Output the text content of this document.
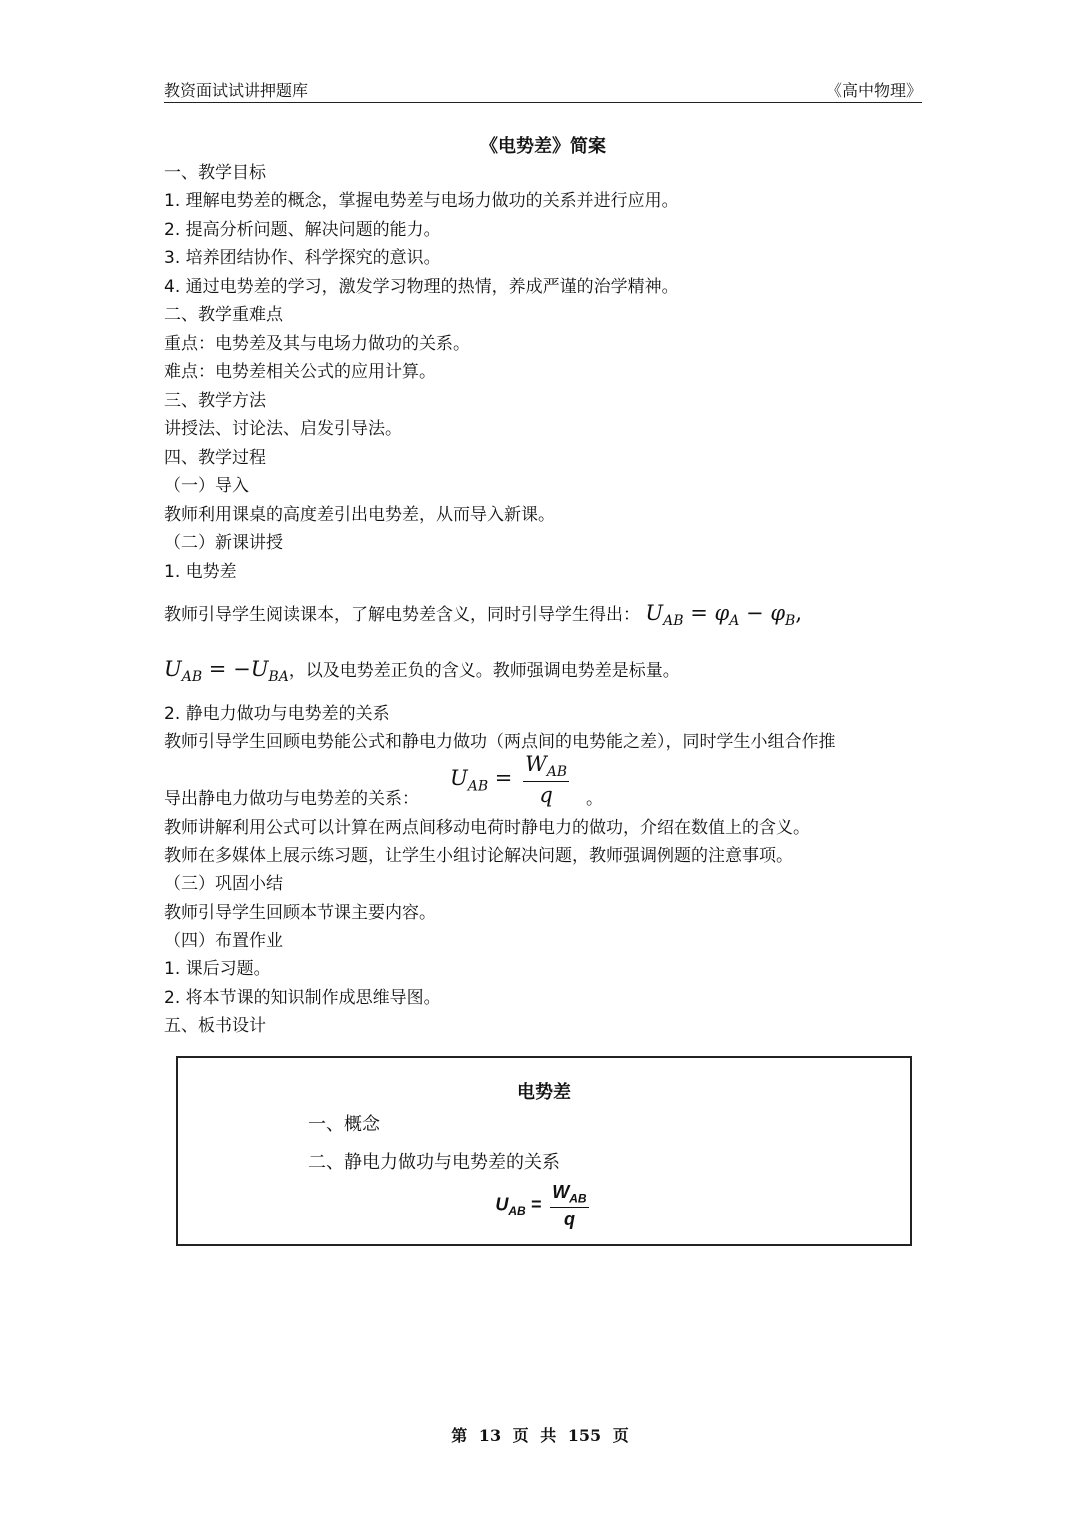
教资面试试讲押题库	《高中物理》
《电势差》简案
一、教学目标
1. 理解电势差的概念，掌握电势差与电场力做功的关系并进行应用。
2. 提高分析问题、解决问题的能力。
3. 培养团结协作、科学探究的意识。
4. 通过电势差的学习，激发学习物理的热情，养成严谨的治学精神。
二、教学重难点
重点：电势差及其与电场力做功的关系。
难点：电势差相关公式的应用计算。
三、教学方法
讲授法、讨论法、启发引导法。
四、教学过程
（一）导入
教师利用课桌的高度差引出电势差，从而导入新课。
（二）新课讲授
1. 电势差
教师引导学生阅读课本，了解电势差含义，同时引导学生得出： $U_{AB} = \varphi_A - \varphi_B$,
$U_{AB} = -U_{BA}$，以及电势差正负的含义。教师强调电势差是标量。
2. 静电力做功与电势差的关系
教师引导学生回顾电势能公式和静电力做功（两点间的电势能之差），同时学生小组合作推
导出静电力做功与电势差的关系：
$U_{AB} = \frac{W_{AB}}{q}$ 。
教师讲解利用公式可以计算在两点间移动电荷时静电力的做功，介绍在数值上的含义。
教师在多媒体上展示练习题，让学生小组讨论解决问题，教师强调例题的注意事项。
（三）巩固小结
教师引导学生回顾本节课主要内容。
（四）布置作业
1. 课后习题。
2. 将本节课的知识制作成思维导图。
五、板书设计
电势差
一、概念
二、静电力做功与电势差的关系
$U_{AB} = \frac{W_{AB}}{q}$
第 13 页 共 155 页
